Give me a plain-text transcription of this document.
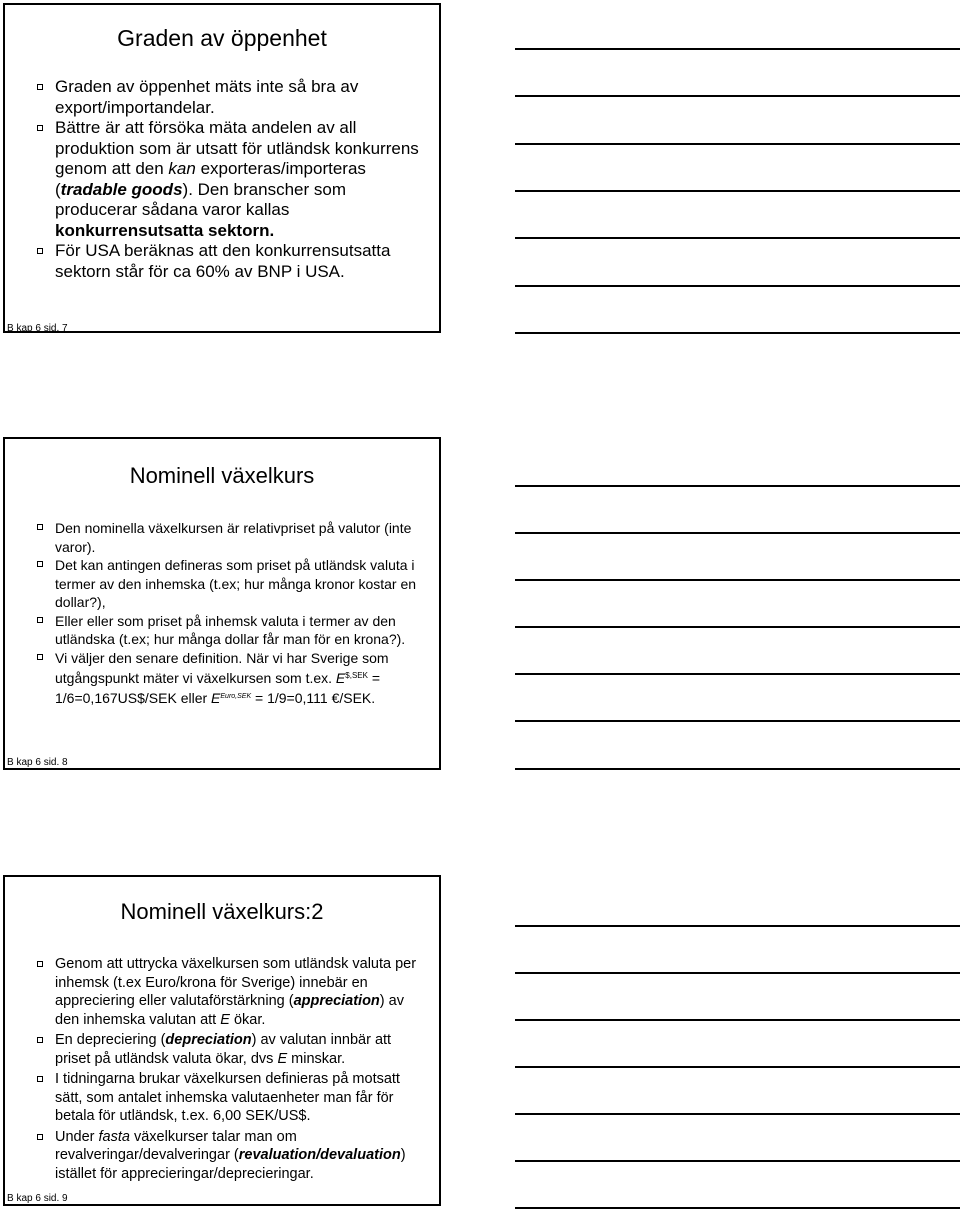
Graden av öppenhet
Graden av öppenhet mäts inte så bra av export/importandelar.
Bättre är att försöka mäta andelen av all produktion som är utsatt för utländsk konkurrens genom att den kan exporteras/importeras (tradable goods). Den branscher som producerar sådana varor kallas konkurrensutsatta sektorn.
För USA beräknas att den konkurrensutsatta sektorn står för ca 60% av BNP i USA.
B kap 6 sid. 7
Nominell växelkurs
Den nominella växelkursen är relativpriset på valutor (inte varor).
Det kan antingen defineras som priset på utländsk valuta i termer av den inhemska (t.ex; hur många kronor kostar en dollar?),
Eller eller som priset på inhemsk valuta i termer av den utländska (t.ex; hur många dollar får man för en krona?).
Vi väljer den senare definition. När vi har Sverige som utgångspunkt mäter vi växelkursen som t.ex. $E^{\$,SEK}$ = 1/6=0,167US$/SEK eller $E^{Euro,SEK} = 1/9=0,111$ €/SEK.
B kap 6 sid. 8
Nominell växelkurs:2
Genom att uttrycka växelkursen som utländsk valuta per inhemsk (t.ex Euro/krona för Sverige) innebär en appreciering eller valutaförstärkning (appreciation) av den inhemska valutan att E ökar.
En depreciering (depreciation) av valutan innbär att priset på utländsk valuta ökar, dvs E minskar.
I tidningarna brukar växelkursen definieras på motsatt sätt, som antalet inhemska valutaenheter man får för betala för utländsk, t.ex. 6,00 SEK/US$.
Under fasta växelkurser talar man om revalveringar/devalveringar (revaluation/devaluation) istället för apprecieringar/deprecieringar.
B kap 6 sid. 9
